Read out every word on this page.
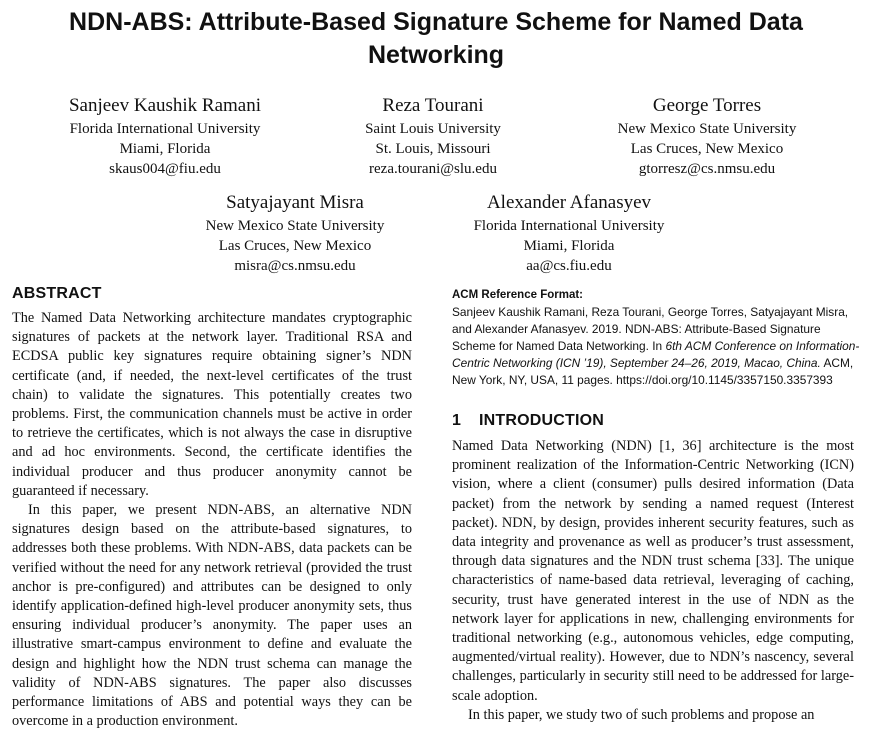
NDN-ABS: Attribute-Based Signature Scheme for Named Data
Networking
Sanjeev Kaushik Ramani
Florida International University
Miami, Florida
skaus004@fiu.edu
Reza Tourani
Saint Louis University
St. Louis, Missouri
reza.tourani@slu.edu
George Torres
New Mexico State University
Las Cruces, New Mexico
gtorresz@cs.nmsu.edu
Satyajayant Misra
New Mexico State University
Las Cruces, New Mexico
misra@cs.nmsu.edu
Alexander Afanasyev
Florida International University
Miami, Florida
aa@cs.fiu.edu
ABSTRACT

The Named Data Networking architecture mandates cryptographic signatures of packets at the network layer. Traditional RSA and ECDSA public key signatures require obtaining signer’s NDN certificate (and, if needed, the next-level certificates of the trust chain) to validate the signatures. This potentially creates two problems. First, the communication channels must be active in order to retrieve the certificates, which is not always the case in disruptive and ad hoc environments. Second, the certificate identifies the individual producer and thus producer anonymity cannot be guaranteed if necessary.

In this paper, we present NDN-ABS, an alternative NDN signatures design based on the attribute-based signatures, to addresses both these problems. With NDN-ABS, data packets can be verified without the need for any network retrieval (provided the trust anchor is pre-configured) and attributes can be designed to only identify application-defined high-level producer anonymity sets, thus ensuring individual producer’s anonymity. The paper uses an illustrative smart-campus environment to define and evaluate the design and highlight how the NDN trust schema can manage the validity of NDN-ABS signatures. The paper also discusses performance limitations of ABS and potential ways they can be overcome in a production environment.

ACM Reference Format:

Sanjeev Kaushik Ramani, Reza Tourani, George Torres, Satyajayant Misra, and Alexander Afanasyev. 2019. NDN-ABS: Attribute-Based Signature Scheme for Named Data Networking. In 6th ACM Conference on Information-Centric Networking (ICN ’19), September 24–26, 2019, Macao, China. ACM, New York, NY, USA, 11 pages. https://doi.org/10.1145/3357150.3357393

1 INTRODUCTION

Named Data Networking (NDN) [1, 36] architecture is the most prominent realization of the Information-Centric Networking (ICN) vision, where a client (consumer) pulls desired information (Data packet) from the network by sending a named request (Interest packet). NDN, by design, provides inherent security features, such as data integrity and provenance as well as producer’s trust assessment, through data signatures and the NDN trust schema [33]. The unique characteristics of name-based data retrieval, leveraging of caching, security, trust have generated interest in the use of NDN as the network layer for applications in new, challenging environments for traditional networking (e.g., autonomous vehicles, edge computing, augmented/virtual reality). However, due to NDN’s nascency, several challenges, particularly in security still need to be addressed for large-scale adoption.

In this paper, we study two of such problems and propose an
